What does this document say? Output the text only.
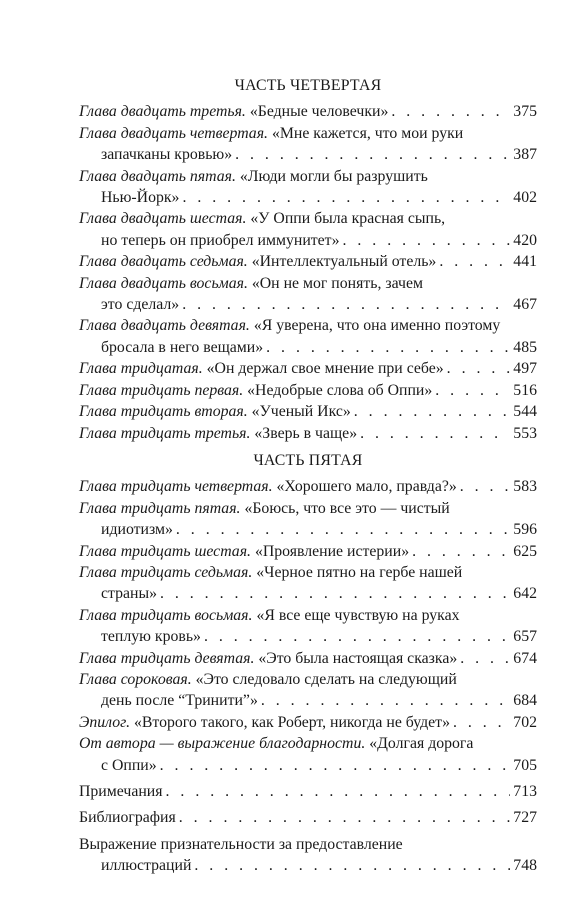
ЧАСТЬ ЧЕТВЕРТАЯ
Глава двадцать третья. «Бедные человечки» . . .	375
Глава двадцать четвертая. «Мне кажется, что мои руки
запачканы кровью» . . .	387
Глава двадцать пятая. «Люди могли бы разрушить
Нью-Йорк» . . .	402
Глава двадцать шестая. «У Оппи была красная сыпь,
но теперь он приобрел иммунитет» . . .	420
Глава двадцать седьмая. «Интеллектуальный отель» . . .	441
Глава двадцать восьмая. «Он не мог понять, зачем
это сделал» . . .	467
Глава двадцать девятая. «Я уверена, что она именно поэтому
бросала в него вещами» . . .	485
Глава тридцатая. «Он держал свое мнение при себе» . . .	497
Глава тридцать первая. «Недобрые слова об Оппи» . . .	516
Глава тридцать вторая. «Ученый Икс» . . .	544
Глава тридцать третья. «Зверь в чаще» . . .	553
ЧАСТЬ ПЯТАЯ
Глава тридцать четвертая. «Хорошего мало, правда?» . . .	583
Глава тридцать пятая. «Боюсь, что все это — чистый
идиотизм» . . .	596
Глава тридцать шестая. «Проявление истерии» . . .	625
Глава тридцать седьмая. «Черное пятно на гербе нашей
страны» . . .	642
Глава тридцать восьмая. «Я все еще чувствую на руках
теплую кровь» . . .	657
Глава тридцать девятая. «Это была настоящая сказка» . . .	674
Глава сороковая. «Это следовало сделать на следующий
день после “Тринити”» . . .	684
Эпилог. «Второго такого, как Роберт, никогда не будет» . . .	702
От автора — выражение благодарности. «Долгая дорога
с Оппи» . . .	705
Примечания . . .	713
Библиография . . .	727
Выражение признательности за предоставление
иллюстраций . . .	748
